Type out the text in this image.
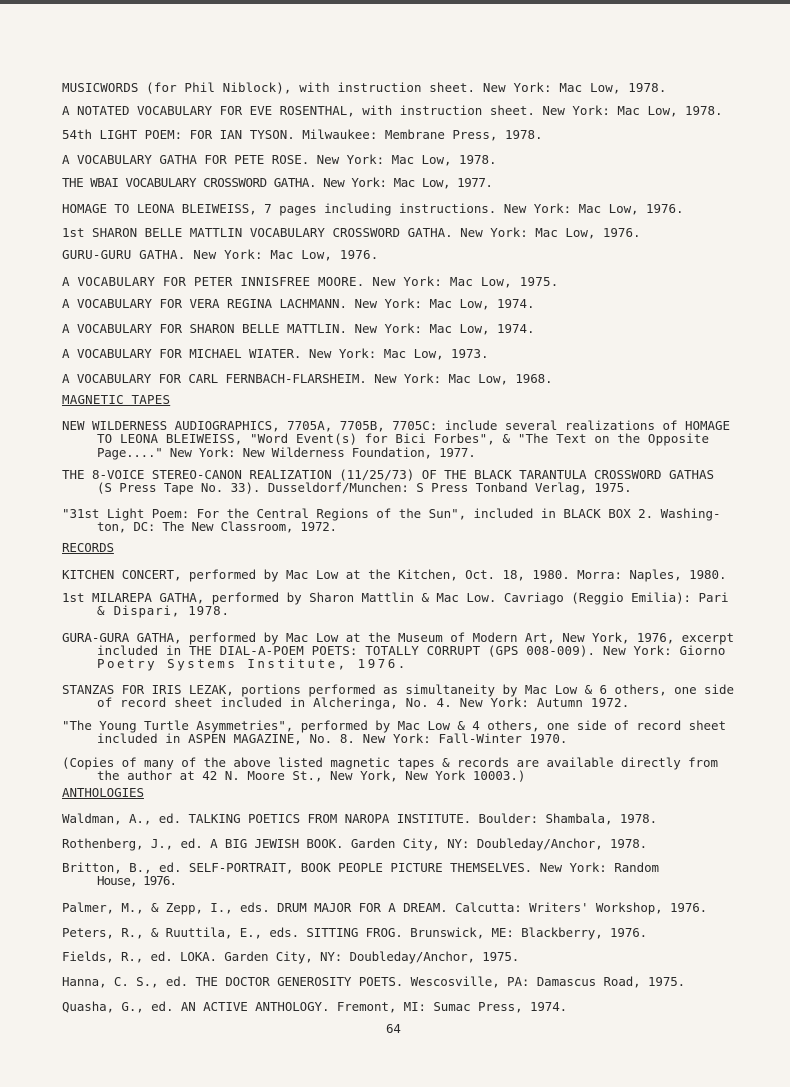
MUSICWORDS (for Phil Niblock), with instruction sheet. New York: Mac Low, 1978.
A NOTATED VOCABULARY FOR EVE ROSENTHAL, with instruction sheet. New York: Mac Low, 1978.
54th LIGHT POEM: FOR IAN TYSON. Milwaukee: Membrane Press, 1978.
A VOCABULARY GATHA FOR PETE ROSE. New York: Mac Low, 1978.
THE WBAI VOCABULARY CROSSWORD GATHA. New York: Mac Low, 1977.
HOMAGE TO LEONA BLEIWEISS, 7 pages including instructions. New York: Mac Low, 1976.
1st SHARON BELLE MATTLIN VOCABULARY CROSSWORD GATHA. New York: Mac Low, 1976.
GURU-GURU GATHA. New York: Mac Low, 1976.
A VOCABULARY FOR PETER INNISFREE MOORE. New York: Mac Low, 1975.
A VOCABULARY FOR VERA REGINA LACHMANN. New York: Mac Low, 1974.
A VOCABULARY FOR SHARON BELLE MATTLIN. New York: Mac Low, 1974.
A VOCABULARY FOR MICHAEL WIATER. New York: Mac Low, 1973.
A VOCABULARY FOR CARL FERNBACH-FLARSHEIM. New York: Mac Low, 1968.
MAGNETIC TAPES
NEW WILDERNESS AUDIOGRAPHICS, 7705A, 7705B, 7705C: include several realizations of HOMAGE
TO LEONA BLEIWEISS, "Word Event(s) for Bici Forbes", & "The Text on the Opposite
Page...." New York: New Wilderness Foundation, 1977.
THE 8-VOICE STEREO-CANON REALIZATION (11/25/73) OF THE BLACK TARANTULA CROSSWORD GATHAS
(S Press Tape No. 33). Dusseldorf/Munchen: S Press Tonband Verlag, 1975.
"31st Light Poem: For the Central Regions of the Sun", included in BLACK BOX 2. Washing-
ton, DC: The New Classroom, 1972.
RECORDS
KITCHEN CONCERT, performed by Mac Low at the Kitchen, Oct. 18, 1980. Morra: Naples, 1980.
1st MILAREPA GATHA, performed by Sharon Mattlin & Mac Low. Cavriago (Reggio Emilia): Pari
& Dispari, 1978.
GURA-GURA GATHA, performed by Mac Low at the Museum of Modern Art, New York, 1976, excerpt
included in THE DIAL-A-POEM POETS: TOTALLY CORRUPT (GPS 008-009). New York: Giorno
Poetry Systems Institute, 1976.
STANZAS FOR IRIS LEZAK, portions performed as simultaneity by Mac Low & 6 others, one side
of record sheet included in Alcheringa, No. 4. New York: Autumn 1972.
"The Young Turtle Asymmetries", performed by Mac Low & 4 others, one side of record sheet
included in ASPEN MAGAZINE, No. 8. New York: Fall-Winter 1970.
(Copies of many of the above listed magnetic tapes & records are available directly from
the author at 42 N. Moore St., New York, New York 10003.)
ANTHOLOGIES
Waldman, A., ed. TALKING POETICS FROM NAROPA INSTITUTE. Boulder: Shambala, 1978.
Rothenberg, J., ed. A BIG JEWISH BOOK. Garden City, NY: Doubleday/Anchor, 1978.
Britton, B., ed. SELF-PORTRAIT, BOOK PEOPLE PICTURE THEMSELVES. New York: Random
House, 1976.
Palmer, M., & Zepp, I., eds. DRUM MAJOR FOR A DREAM. Calcutta: Writers' Workshop, 1976.
Peters, R., & Ruuttila, E., eds. SITTING FROG. Brunswick, ME: Blackberry, 1976.
Fields, R., ed. LOKA. Garden City, NY: Doubleday/Anchor, 1975.
Hanna, C. S., ed. THE DOCTOR GENEROSITY POETS. Wescosville, PA: Damascus Road, 1975.
Quasha, G., ed. AN ACTIVE ANTHOLOGY. Fremont, MI: Sumac Press, 1974.
64
